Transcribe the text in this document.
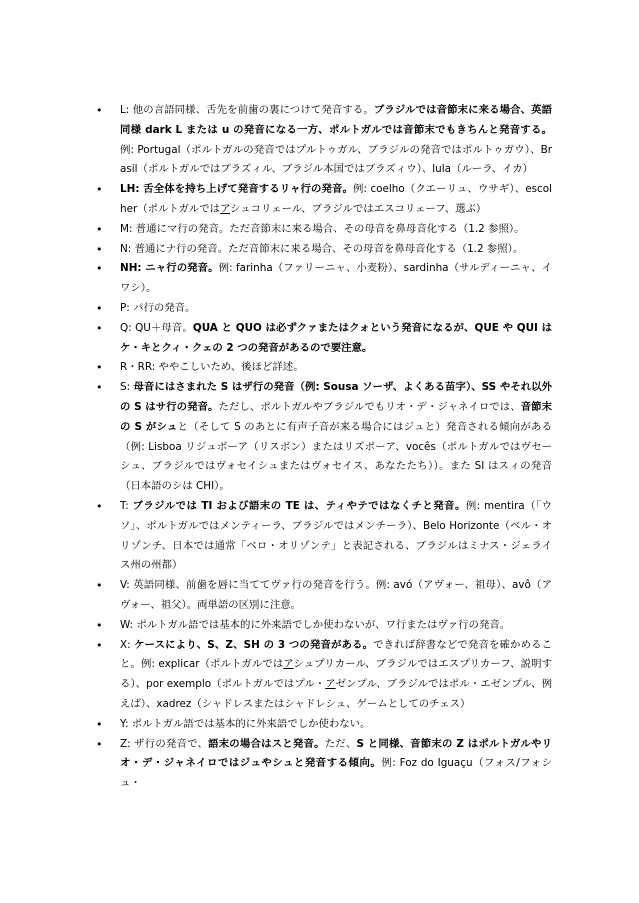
• L: 他の言語同様、舌先を前歯の裏につけて発音する。ブラジルでは音節末に来る場合、英語同様 dark L または u の発音になる一方、ポルトガルでは音節末でもきちんと発音する。例: Portugal（ポルトガルの発音ではプルトゥガル、ブラジルの発音ではポルトゥガウ）、Brasil（ポルトガルではブラズィル、ブラジル本国ではブラズィウ）、lula（ルーラ、イカ）
• LH: 舌全体を持ち上げて発音するリャ行の発音。例: coelho（クエーリュ、ウサギ）、escolher（ポルトガルではアシュコリェール、ブラジルではエスコリェーフ、選ぶ）
• M: 普通にマ行の発音。ただ音節末に来る場合、その母音を鼻母音化する（1.2 参照）。
• N: 普通にナ行の発音。ただ音節末に来る場合、その母音を鼻母音化する（1.2 参照）。
• NH: ニャ行の発音。例: farinha（ファリーニャ、小麦粉）、sardinha（サルディーニャ、イワシ）。
• P: パ行の発音。
• Q: QU＋母音。QUA と QUO は必ずクァまたはクォという発音になるが、QUE や QUI はケ・キとクィ・クェの 2 つの発音があるので要注意。
• R・RR: ややこしいため、後ほど詳述。
• S: 母音にはさまれた S はザ行の発音（例: Sousa ソーザ、よくある苗字）、SS やそれ以外の S はサ行の発音。ただし、ポルトガルやブラジルでもリオ・デ・ジャネイロでは、音節末の S がシュと（そして S のあとに有声子音が来る場合にはジュと）発音される傾向がある（例: Lisboa リジュボーア（リスボン）またはリズボーア、vocês（ポルトガルではヴセーシュ、ブラジルではヴォセイシュまたはヴォセイス、あなたたち））。また SI はスィの発音（日本語のシは CHI）。
• T: ブラジルでは TI および語末の TE は、ティやテではなくチと発音。例: mentira（「ウソ」、ポルトガルではメンティーラ、ブラジルではメンチーラ）、Belo Horizonte（ベル・オリゾンチ、日本では通常「ベロ・オリゾンテ」と表記される、ブラジルはミナス・ジェライス州の州都）
• V: 英語同様、前歯を唇に当ててヴァ行の発音を行う。例: avó（アヴォー、祖母）、avô（アヴォー、祖父）。両単語の区別に注意。
• W: ポルトガル語では基本的に外来語でしか使わないが、ワ行またはヴァ行の発音。
• X: ケースにより、S、Z、SH の 3 つの発音がある。できれば辞書などで発音を確かめること。例: explicar（ポルトガルではアシュプリカール、ブラジルではエスプリカーフ、説明する）、por exemplo（ポルトガルではプル・アゼンプル、ブラジルではポル・エゼンプル、例えば）、xadrez（シャドレスまたはシャドレシュ、ゲームとしてのチェス）
• Y: ポルトガル語では基本的に外来語でしか使わない。
• Z: ザ行の発音で、語末の場合はスと発音。ただ、S と同様、音節末の Z はポルトガルやリオ・デ・ジャネイロではジュやシュと発音する傾向。例: Foz do Iguaçu（フォス/フォシュ・
